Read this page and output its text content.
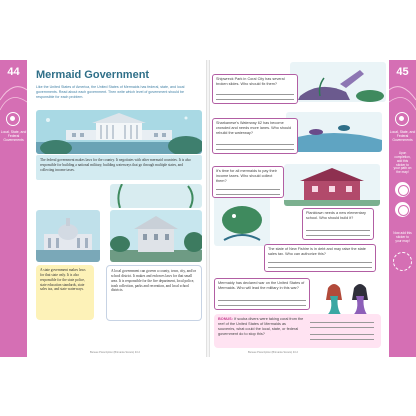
44
Local, State, and Federal Governments
Mermaid Government
Like the United States of America, the United States of Mermaids has federal, state, and local governments. Read about each government. Then write which level of government should be responsible for each problem.
The federal government makes laws for the country. It negotiates with other mermaid countries. It is also responsible for building a national military, building waterways that go through multiple states, and collecting income taxes.
A state government makes laws for that state only. It is also responsible for the state police, state education standards, state sales tax, and state waterways.
A local government can govern a county, town, city, and/or school district. It makes and enforces laws for that small area. It is responsible for the fire department, local police, trash collection, parks and recreation, and local school districts.
Bureau Prescription (Brimania Scouts) 43.2
Shipwreck Park in Coral City has several broken slides. Who should fix them?
Sharkanese's Waterway 62 has become crowded and needs more lanes. Who should rebuild the waterway?
It's time for all mermaids to pay their income taxes. Who should collect them?
Planktown needs a new elementary school. Who should build it?
The state of New Fishire is in debt and may raise the state sales tax. Who can authorize this?
Mermaidy has declared war on the United States of Mermaids. Who will lead the military in this war?
BONUS: If scuba divers were taking coral from the reef of the United States of Mermaids as souvenirs, what could the local, state, or federal government do to stop this?
Bureau Prescription (Brimania Scouts) 43.2
45
Local, State, and Federal Governments
Upon completion, add this sticker to your path on the map!
Now add this sticker to your map!
